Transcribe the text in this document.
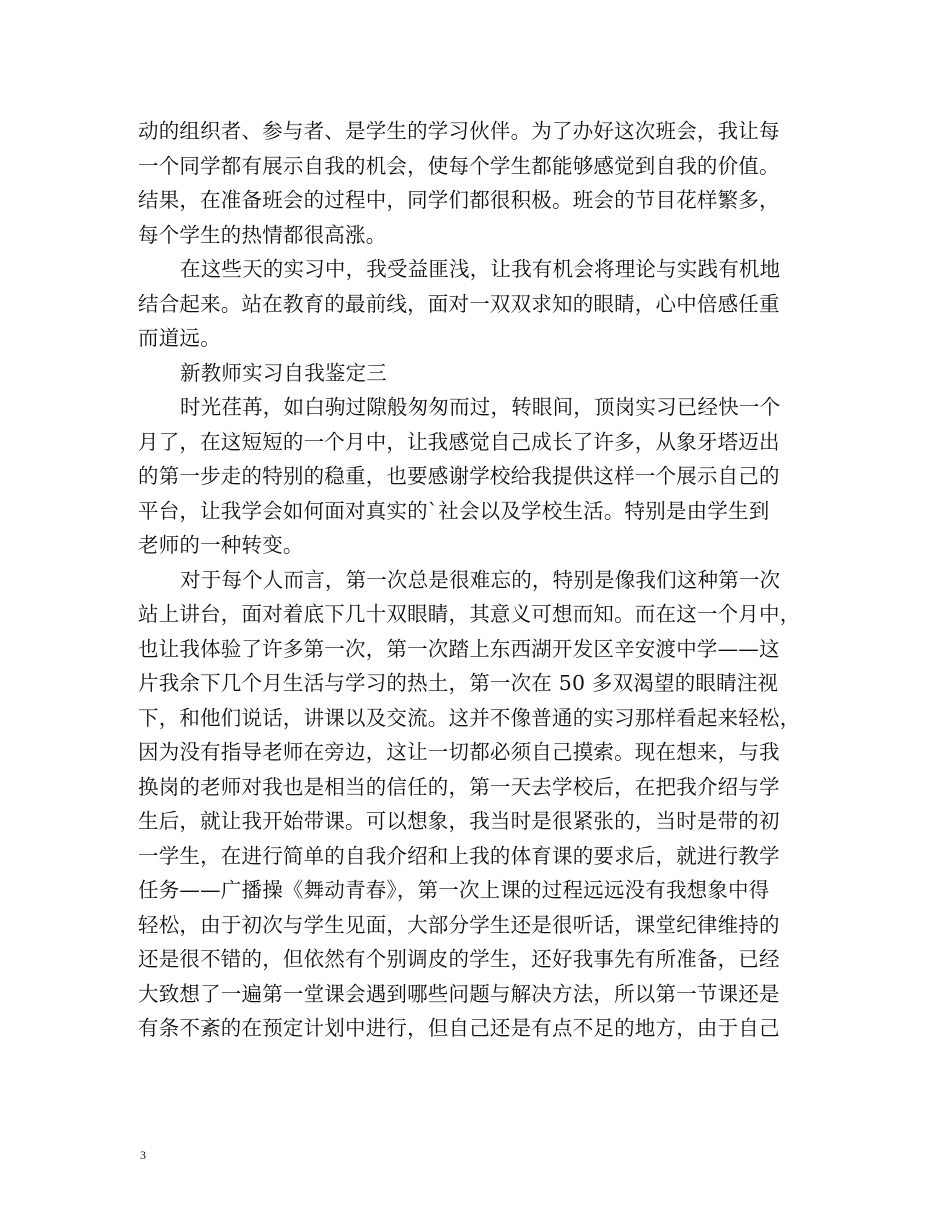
动的组织者、参与者、是学生的学习伙伴。为了办好这次班会，我让每
一个同学都有展示自我的机会，使每个学生都能够感觉到自我的价值。
结果，在准备班会的过程中，同学们都很积极。班会的节目花样繁多，
每个学生的热情都很高涨。
在这些天的实习中，我受益匪浅，让我有机会将理论与实践有机地
结合起来。站在教育的最前线，面对一双双求知的眼睛，心中倍感任重
而道远。
新教师实习自我鉴定三
时光荏苒，如白驹过隙般匆匆而过，转眼间，顶岗实习已经快一个
月了，在这短短的一个月中，让我感觉自己成长了许多，从象牙塔迈出
的第一步走的特别的稳重，也要感谢学校给我提供这样一个展示自己的
平台，让我学会如何面对真实的`社会以及学校生活。特别是由学生到
老师的一种转变。
对于每个人而言，第一次总是很难忘的，特别是像我们这种第一次
站上讲台，面对着底下几十双眼睛，其意义可想而知。而在这一个月中，
也让我体验了许多第一次，第一次踏上东西湖开发区辛安渡中学——这
片我余下几个月生活与学习的热土，第一次在 50 多双渴望的眼睛注视
下，和他们说话，讲课以及交流。这并不像普通的实习那样看起来轻松，
因为没有指导老师在旁边，这让一切都必须自己摸索。现在想来，与我
换岗的老师对我也是相当的信任的，第一天去学校后，在把我介绍与学
生后，就让我开始带课。可以想象，我当时是很紧张的，当时是带的初
一学生，在进行简单的自我介绍和上我的体育课的要求后，就进行教学
任务——广播操《舞动青春》，第一次上课的过程远远没有我想象中得
轻松，由于初次与学生见面，大部分学生还是很听话，课堂纪律维持的
还是很不错的，但依然有个别调皮的学生，还好我事先有所准备，已经
大致想了一遍第一堂课会遇到哪些问题与解决方法，所以第一节课还是
有条不紊的在预定计划中进行，但自己还是有点不足的地方，由于自己
3
